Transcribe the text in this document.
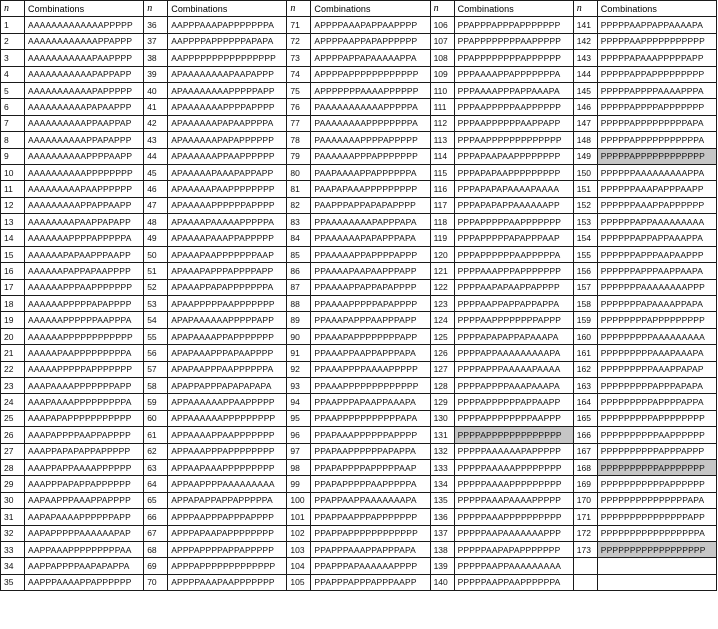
n	Combinations	n	Combinations	n	Combinations	n	Combinations	n	Combinations
1	AAAAAAAAAAAAAPPPPP	36	AAPPPAAAPAPPPPPPPA	71	APPPPAAAPAPPAAPPPP	106	PPAPPPAPPPAPPPPPPP	141	PPPPPAAPPAPPAAAAPA
2	AAAAAAAAAAAAPPAPPP	37	AAPPPPAPPPPPPAPAPA	72	APPPPAAPPAPAPPPPPP	107	PPAPPPPPPPPAAPPPPP	142	PPPPPAAPPPPPPPPPPP
3	AAAAAAAAAAAPAAPPPP	38	AAPPPPPPPPPPPPPPPP	73	APPPPAPPAPAAAAAPPA	108	PPAPPPPPPPPAPPPPPP	143	PPPPPAPAAAPPPPPAPP
4	AAAAAAAAAAAPAPPAPP	39	APAAAAAAAAPAAPAPPP	74	APPPPAPPPPPPPPPPPP	109	PPPAAAAPPAPPPPPPPA	144	PPPPPAPPAPPPPPPPPP
5	AAAAAAAAAAAPAPPPPP	40	APAAAAAAAAPPPPPAPP	75	APPPPPPPAAAAPPPPPP	110	PPPAAAAPPPAPPAAAPA	145	PPPPPAPPPPAAAAPPPA
6	AAAAAAAAAAPAPAAPPP	41	APAAAAAAAPPPPAPPPP	76	PAAAAAAAAAAAPPPPPA	111	PPPAAPPPPPAAPPPPPP	146	PPPPPAPPPPAPPPPPPP
7	AAAAAAAAAAPPAAPPAP	42	APAAAAAAPAPAAPPPPA	77	PAAAAAAAAPPPPPPPPA	112	PPPAAPPPPPPAAPPAPP	147	PPPPPAPPPPPPPPPAPA
8	AAAAAAAAAAPPAPAPPP	43	APAAAAAAPAPAPPPPPP	78	PAAAAAAAPPPPAPPPPP	113	PPPAAPPPPPPPPPPPPP	148	PPPPPAPPPPPPPPPPPA
9	AAAAAAAAAAPPPPAAPP	44	APAAAAAAPPAAPPPPPP	79	PAAAAAAPPPAPPPPPPP	114	PPPAPAAPAAPPPPPPPP	149	PPPPPAPPPPPPPPPPPP
10	AAAAAAAAAAPPPPPPPP	45	APAAAAAPAAAPAPPAPP	80	PAAPAAAAPPAPPPPPPA	115	PPPAPAPAAPPPPPPPPP	150	PPPPPPAAAAAAAAAPPA
11	AAAAAAAAAPAAPPPPPP	46	APAAAAAPAAPPPPPPPP	81	PAAPAPAAAPPPPPPPPP	116	PPPAPAPAPAAAAPAAAA	151	PPPPPPAAAPAPPPAAPP
12	AAAAAAAAAPPAPPAAPP	47	APAAAAAPPPPPPAPPPP	82	PAAPPPAPPAPAPAPPPP	117	PPPAPAPAPPAAAAAAPP	152	PPPPPPAAAPPAPPPPPP
13	AAAAAAAAPAAPPAPAPP	48	APAAAAPAAAAAPPPPPA	83	PPAAAAAAAAPAPPPAPA	118	PPPAPPPPPAAPPPPPPP	153	PPPPPPAPPAAAAAAAAA
14	AAAAAAAPPPPAPPPPPA	49	APAAAAPAAAPPAPPPPP	84	PPAAAAAAPAPAPPPAPA	119	PPPAPPPPPAPAPPPAAP	154	PPPPPPAPPAPPAAAPPA
15	AAAAAAPAPAAPPPAAPP	50	APAAAPAAPPPPPPPAAP	85	PPAAAAAPPAPPPPAPPP	120	PPPAPPPPPPAAPPPPPA	155	PPPPPPAPPPAAPAAPPP
16	AAAAAAPAPPAPAAPPPP	51	APAAAPAPPPAPPPPAPP	86	PPAAAAPAAPAAPPPAPP	121	PPPPAAAPPPAPPPPPPP	156	PPPPPPAPPPAAPPAAPA
17	AAAAAAPPPAAPPPPPPP	52	APAAAPPAPAPPPPPPPA	87	PPAAAAPPAPPAPAPPPP	122	PPPPAAPAPAAPPAPPPP	157	PPPPPPPAAAAAAAAPPP
18	AAAAAAPPPPPAPAPPPP	53	APAAPPPPPAAPPPPPPP	88	PPAAAAPPPPPAPAPPPP	123	PPPPAAPPAPPAPPAPPA	158	PPPPPPPAPAAAAPPAPA
19	AAAAAAPPPPPPAAPPPA	54	APAPAAAAAAPPPPPAPP	89	PPAAAPAPPPAAPPPAPP	124	PPPPAAPPPPPPPPAPPP	159	PPPPPPPPAPPPPPPPPP
20	AAAAAAPPPPPPPPPPPP	55	APAPAAAAPPAPPPPPPP	90	PPAAAPAPPPPPPPPAPP	125	PPPPAPAPAPPAPAAAPA	160	PPPPPPPPPAAAAAAAAA
21	AAAAAPAAPPPPPPPPPA	56	APAPAAAPPPAPAAPPPP	91	PPAAAPPAAPPAPPPAPA	126	PPPPAPPAAAAAAAAAPA	161	PPPPPPPPPAAAPAAAPA
22	AAAAAPPPPPAPPPPPPP	57	APAPAAPPPAAPPPPPPA	92	PPAAAPPPPAAAAPPPPP	127	PPPPAPPPAAAAAPAAAA	162	PPPPPPPPPAAAPPAPAP
23	AAAPAAAAPPPPPPPAPP	58	APAPPAPPPAPAPAPAPA	93	PPAAAPPPPPPPPPPPPP	128	PPPPAPPPPAAAPAAAPA	163	PPPPPPPPPAPPPAPAPA
24	AAAPAAAAPPPPPPPPPA	59	APPAAAAAAPPAAPPPPP	94	PPAAPPPAPAAPPAAAPA	129	PPPPAPPPPPPAPPAAPP	164	PPPPPPPPPAPPPPAPPA
25	AAAPAPAPPPPPPPPPPP	60	APPAAAAAAPPPPPPPPP	95	PPAAPPPPPPPPPPPAPA	130	PPPPAPPPPPPPPAAPPP	165	PPPPPPPPPAPPPPPPPP
26	AAAPAPPPPAAPPAPPPP	61	APPAAAAPPAAPPPPPPP	96	PPAPAAAPPPPPPAPPPP	131	PPPPAPPPPPPPPPPPPP	166	PPPPPPPPPPAAPPPPPP
27	AAAPPAPAPAPPAPPPPP	62	APPAAAPPPAPPPPPPPP	97	PPAPAAPPPPPPAPAPPA	132	PPPPPAAAAAAPAPPPPP	167	PPPPPPPPPPAPPPAPPP
28	AAAPPAPPAAAAPPPPPP	63	APPAAPAAAPPPPPPPPP	98	PPAPAPPPPAPPPPPAAP	133	PPPPPAAAAAPPPPPPPP	168	PPPPPPPPPPAPPPPPPP
29	AAAPPPAPAPPAPPPPPP	64	APPAAPPPPAAAAAAAAA	99	PPAPAPPPPPAAPPPPPA	134	PPPPPAAAAPPPPPPPPP	169	PPPPPPPPPPPAPPPPPP
30	AAPAAPPPAAAPPAPPPP	65	APPAPAPPAPPAPPPPPA	100	PPAPPAAPPAAAAAAAPA	135	PPPPPAAAPAAAAPPPPP	170	PPPPPPPPPPPPPPPAPA
31	AAPAPAAAAPPPPPPAPP	66	APPPAAPPPAPPPAPPPP	101	PPAPPAAPPPAPPPPPPP	136	PPPPPAAAPPPPPPPPPP	171	PPPPPPPPPPPPPPPAPP
32	AAPAPPPPPAAAAAAPAP	67	APPPAPAAPAPPPPPPPP	102	PPAPPAPPPPPPPPPPPP	137	PPPPPAAPAAAAAAAPPP	172	PPPPPPPPPPPPPPPPPA
33	AAPPAAAPPPPPPPPPAA	68	APPPAPPPPAPPAPPPPP	103	PPAPPPAAAPPAPPPAPA	138	PPPPPAAPAPAPPPPPPP	173	PPPPPPPPPPPPPPPPPP
34	AAPPAPPPPAAPAPAPPA	69	APPPAPPPPPPPPPPPPP	104	PPAPPPAPAAAAAAPPPP	139	PPPPPAAPPAAAAAAAAA		
35	AAPPPAAAAPPAPPPPPP	70	APPPPAAAPAAPPPPPPP	105	PPAPPPAPPPAPPPAAPP	140	PPPPPAAPPAAPPPPPPA		
